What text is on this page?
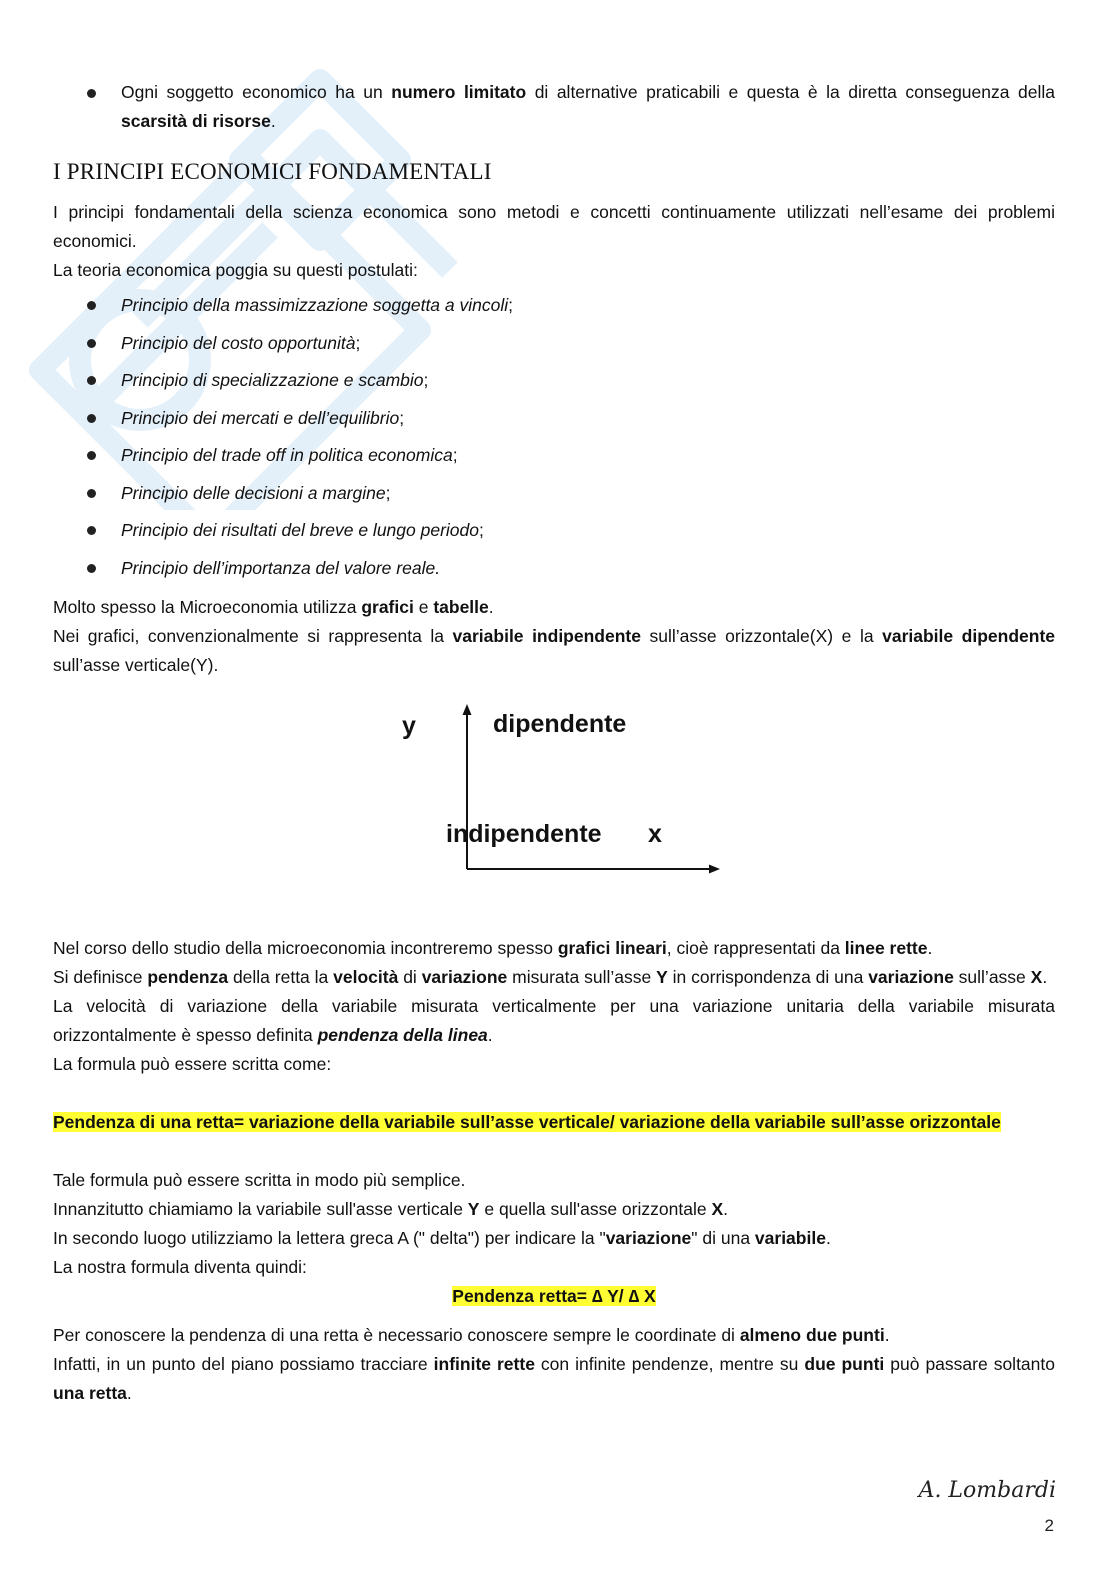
Ogni soggetto economico ha un numero limitato di alternative praticabili e questa è la diretta conseguenza della scarsità di risorse.
I PRINCIPI ECONOMICI FONDAMENTALI

I principi fondamentali della scienza economica sono metodi e concetti continuamente utilizzati nell’esame dei problemi economici.

La teoria economica poggia su questi postulati:

Principio della massimizzazione soggetta a vincoli;
Principio del costo opportunità;
Principio di specializzazione e scambio;
Principio dei mercati e dell’equilibrio;
Principio del trade off in politica economica;
Principio delle decisioni a margine;
Principio dei risultati del breve e lungo periodo;
Principio dell’importanza del valore reale.

Molto spesso la Microeconomia utilizza grafici e tabelle.

Nei grafici, convenzionalmente si rappresenta la variabile indipendente sull’asse orizzontale(X) e la variabile dipendente sull’asse verticale(Y).

y	dipendente
indipendente x

Nel corso dello studio della microeconomia incontreremo spesso grafici lineari, cioè rappresentati da linee rette.

Si definisce pendenza della retta la velocità di variazione misurata sull’asse Y in corrispondenza di una variazione sull’asse X.

La velocità di variazione della variabile misurata verticalmente per una variazione unitaria della variabile misurata orizzontalmente è spesso definita pendenza della linea.

La formula può essere scritta come:

Pendenza di una retta= variazione della variabile sull’asse verticale/ variazione della variabile sull’asse orizzontale

Tale formula può essere scritta in modo più semplice.

Innanzitutto chiamiamo la variabile sull'asse verticale Y e quella sull'asse orizzontale X.

In secondo luogo utilizziamo la lettera greca A (" delta") per indicare la "variazione" di una variabile.

La nostra formula diventa quindi:

Pendenza retta= ∆ Y/ ∆ X

Per conoscere la pendenza di una retta è necessario conoscere sempre le coordinate di almeno due punti.

Infatti, in un punto del piano possiamo tracciare infinite rette con infinite pendenze, mentre su due punti può passare soltanto una retta.

A. Lombardi
2
